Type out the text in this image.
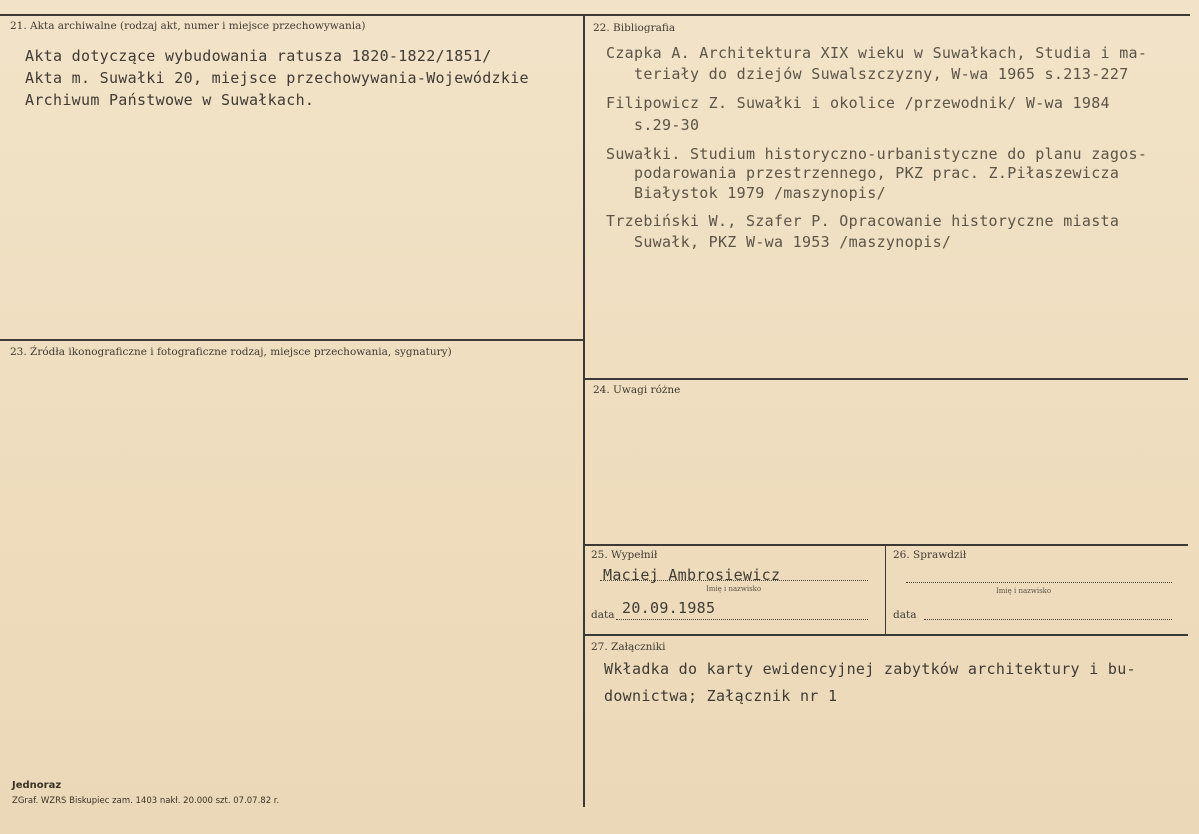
21. Akta archiwalne (rodzaj akt, numer i miejsce przechowywania)
Akta dotyczące wybudowania ratusza 1820-1822/1851/
Akta m. Suwałki 20, miejsce przechowywania-Wojewódzkie
Archiwum Państwowe w Suwałkach.
22. Bibliografia
Czapka A. Architektura XIX wieku w Suwałkach, Studia i ma-
teriały do dziejów Suwalszczyzny, W-wa 1965 s.213-227
Filipowicz Z. Suwałki i okolice /przewodnik/ W-wa 1984
s.29-30
Suwałki. Studium historyczno-urbanistyczne do planu zagos-
podarowania przestrzennego, PKZ prac. Z.Piłaszewicza
Białystok 1979 /maszynopis/
Trzebiński W., Szafer P. Opracowanie historyczne miasta
Suwałk, PKZ W-wa 1953 /maszynopis/
23. Źródła ikonograficzne i fotograficzne rodzaj, miejsce przechowania, sygnatury)
24. Uwagi różne
25. Wypełnił
Maciej Ambrosiewicz
Imię i nazwisko
data 20.09.1985
26. Sprawdził
Imię i nazwisko
data
27. Załączniki
Wkładka do karty ewidencyjnej zabytków architektury i bu-
downictwa; Załącznik nr 1
Jednoraz
ZGraf. WZRS Biskupiec zam. 1403 nakł. 20.000 szt. 07.07.82 r.
